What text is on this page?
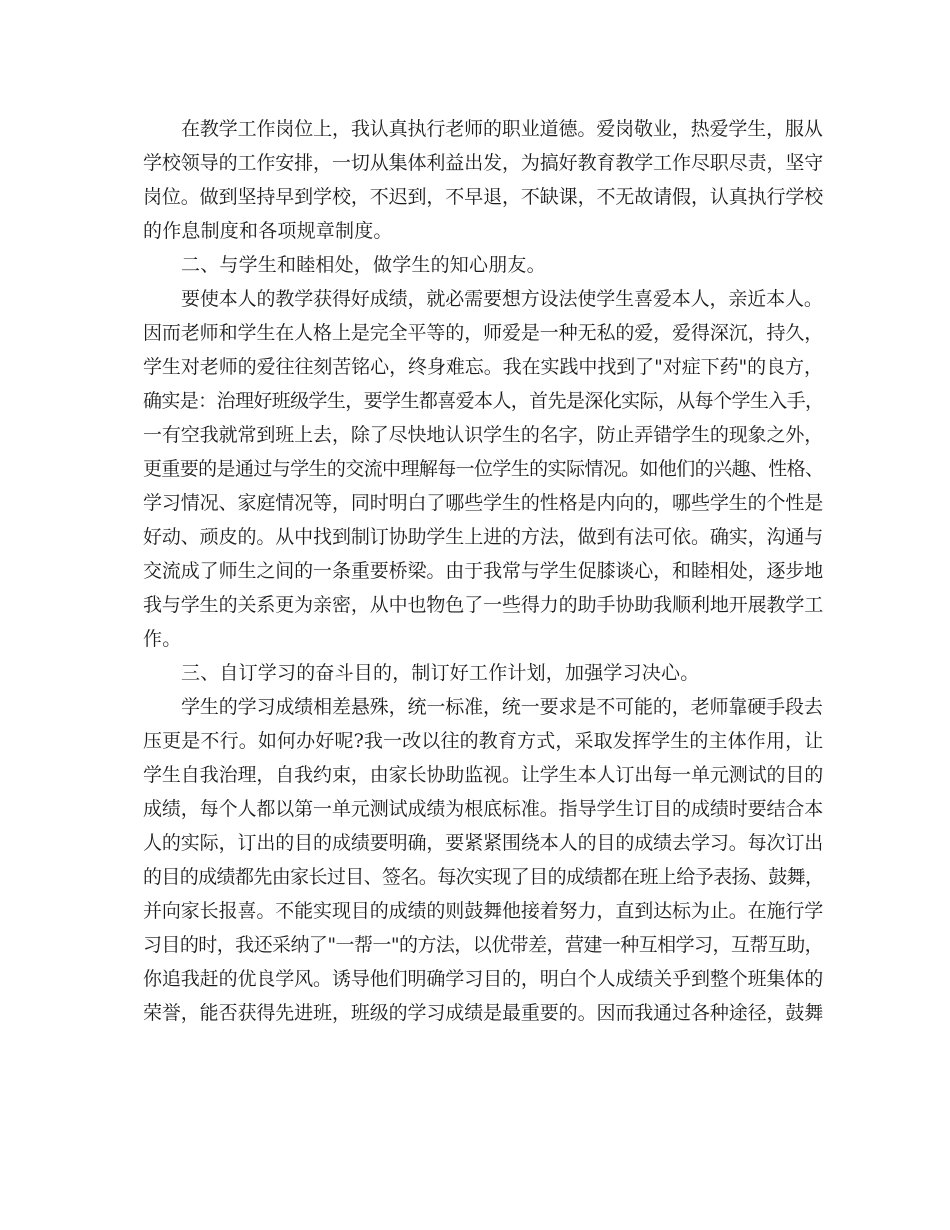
在教学工作岗位上，我认真执行老师的职业道德。爱岗敬业，热爱学生，服从
学校领导的工作安排，一切从集体利益出发，为搞好教育教学工作尽职尽责，坚守
岗位。做到坚持早到学校，不迟到，不早退，不缺课，不无故请假，认真执行学校
的作息制度和各项规章制度。
二、与学生和睦相处，做学生的知心朋友。
要使本人的教学获得好成绩，就必需要想方设法使学生喜爱本人，亲近本人。
因而老师和学生在人格上是完全平等的，师爱是一种无私的爱，爱得深沉，持久，
学生对老师的爱往往刻苦铭心，终身难忘。我在实践中找到了"对症下药"的良方，
确实是：治理好班级学生，要学生都喜爱本人，首先是深化实际，从每个学生入手，
一有空我就常到班上去，除了尽快地认识学生的名字，防止弄错学生的现象之外，
更重要的是通过与学生的交流中理解每一位学生的实际情况。如他们的兴趣、性格、
学习情况、家庭情况等，同时明白了哪些学生的性格是内向的，哪些学生的个性是
好动、顽皮的。从中找到制订协助学生上进的方法，做到有法可依。确实，沟通与
交流成了师生之间的一条重要桥梁。由于我常与学生促膝谈心，和睦相处，逐步地
我与学生的关系更为亲密，从中也物色了一些得力的助手协助我顺利地开展教学工
作。
三、自订学习的奋斗目的，制订好工作计划，加强学习决心。
学生的学习成绩相差悬殊，统一标准，统一要求是不可能的，老师靠硬手段去
压更是不行。如何办好呢?我一改以往的教育方式，采取发挥学生的主体作用，让
学生自我治理，自我约束，由家长协助监视。让学生本人订出每一单元测试的目的
成绩，每个人都以第一单元测试成绩为根底标准。指导学生订目的成绩时要结合本
人的实际，订出的目的成绩要明确，要紧紧围绕本人的目的成绩去学习。每次订出
的目的成绩都先由家长过目、签名。每次实现了目的成绩都在班上给予表扬、鼓舞，
并向家长报喜。不能实现目的成绩的则鼓舞他接着努力，直到达标为止。在施行学
习目的时，我还采纳了"一帮一"的方法，以优带差，营建一种互相学习，互帮互助，
你追我赶的优良学风。诱导他们明确学习目的，明白个人成绩关乎到整个班集体的
荣誉，能否获得先进班，班级的学习成绩是最重要的。因而我通过各种途径，鼓舞
